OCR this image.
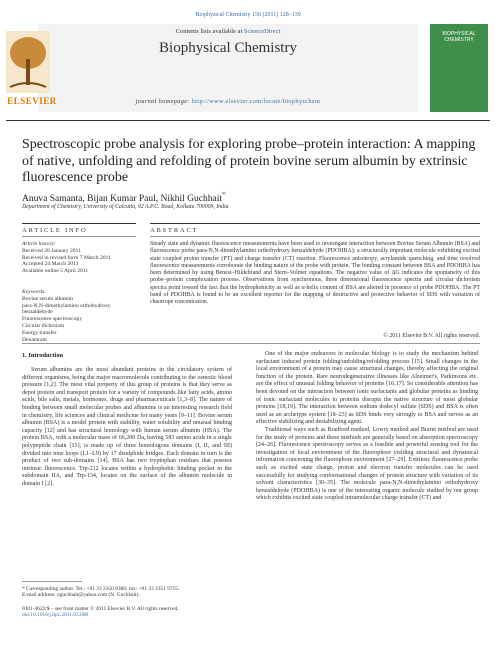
Biophysical Chemistry 156 (2011) 128–139
ELSEVIER
Contents lists available at ScienceDirect
Biophysical Chemistry
journal homepage: http://www.elsevier.com/locate/biophyschem
BIOPHYSICAL CHEMISTRY
Spectroscopic probe analysis for exploring probe–protein interaction: A mapping of native, unfolding and refolding of protein bovine serum albumin by extrinsic fluorescence probe
Anuva Samanta, Bijan Kumar Paul, Nikhil Guchhait*
Department of Chemistry, University of Calcutta, 92 A.P.C. Road, Kolkata 700009, India
ARTICLE INFO
Article history:
Received 28 January 2011
Received in revised form 7 March 2011
Accepted 24 March 2011
Available online 5 April 2011
Keywords:
Bovine serum albumin
para-N,N-dimethylamino orthohydroxy benzaldehyde
Fluorescence spectroscopy
Circular dichroism
Energy transfer
Denaturant
ABSTRACT
Steady state and dynamic fluorescence measurements have been used to investigate interaction between Bovine Serum Albumin (BSA) and fluorescence probe para-N,N-dimethylamino orthohydroxy benzaldehyde (PDOHBA); a structurally important molecule exhibiting excited state coupled proton transfer (PT) and charge transfer (CT) reaction. Fluorescence anisotropy, acrylamide quenching, and time resolved fluorescence measurements corroborate the binding nature of the probe with protein. The binding constant between BSA and PDOHBA has been determined by using Benesi–Hildebrand and Stern–Volmer equations. The negative value of ΔG indicates the spontaneity of this probe–protein complexation process. Observations from synchronous, three dimensional fluorescence spectra and circular dichroism spectra point toward the fact that the hydrophobicity as well as α-helix content of BSA are altered in presence of probe PDOHBA. The PT band of PDOHBA is found to be an excellent reporter for the mapping of destructive and protective behavior of SDS with variation of chaotrope concentration.
© 2011 Elsevier B.V. All rights reserved.
1. Introduction

Serum albumins are the most abundant proteins in the circulatory system of different organisms, being the major macromolecule contributing to the osmotic blood pressure [1,2]. The most vital property of this group of proteins is that they serve as depot protein and transport protein for a variety of compounds like fatty acids, amino acids, bile salts, metals, hormones, drugs and pharmaceuticals [1,3–8]. The nature of binding between small molecular probes and albumins is an interesting research field in chemistry, life sciences and clinical medicine for many years [9–11]. Bovine serum albumin (BSA) is a model protein with stability, water solubility and unusual binding capacity [12] and has structural homology with human serum albumin (HSA). The protein BSA, with a molecular mass of 66,200 Da, having 583 amino acids in a single polypeptide chain [13], is made up of three homologous domains (I, II, and III) divided into nine loops (L1–L9) by 17 disulphide bridges. Each domain in turn is the product of two sub-domains [14]. BSA has two tryptophan residues that possess intrinsic fluorescence. Trp-212 locates within a hydrophobic binding pocket in the subdomain IIA, and Trp-134, locates on the surface of the albumin molecule in domain I [2].

One of the major endeavors in molecular biology is to study the mechanism behind surfactant induced protein folding/unfolding/refolding process [15]. Small changes in the local environment of a protein may cause structural changes, thereby affecting the original function of the protein. Rare neurodegenerative illnesses like Alzeimer's, Parkinsons etc. are the effect of unusual folding behavior of proteins [16,17]. So considerable attention has been devoted on the interaction between ionic surfactants and globular proteins as binding of ionic surfactant molecules to proteins disrupts the native structure of most globular proteins [18,19]. The interaction between sodium dodecyl sulfate (SDS) and BSA is often used as an archetype system [18–23] as SDS binds very strongly to BSA and serves as an effective stabilizing and destabilizing agent.

Traditional ways such as Bradford method, Lowry method and Biuret method are used for the study of proteins and these methods are generally based on absorption spectroscopy [24–26]. Fluorescence spectroscopy serves as a feasible and powerful sensing tool for the investigation of local environment of the fluorophore yielding structural and dynamical information concerning the fluorophore environment [27–29]. Extrinsic fluorescence probe such as excited state charge, proton and electron transfer molecules can be used successfully for studying conformational changes of protein structure with variation of its solvent characteristics [30–35]. The molecule para-N,N-dimethylamino orthohydroxy benzaldehyde (PDOHBA) is one of the interesting organic molecule studied by our group which exhibits excited state coupled intramolecular charge transfer (CT) and

* Corresponding author. Tel.: +91 33 2350 8386; fax: +91 33 2351 9755.
E-mail address: nguchhait@yahoo.com (N. Guchhait).
0301-4622/$ – see front matter © 2011 Elsevier B.V. All rights reserved.
doi:10.1016/j.bpc.2011.03.008
